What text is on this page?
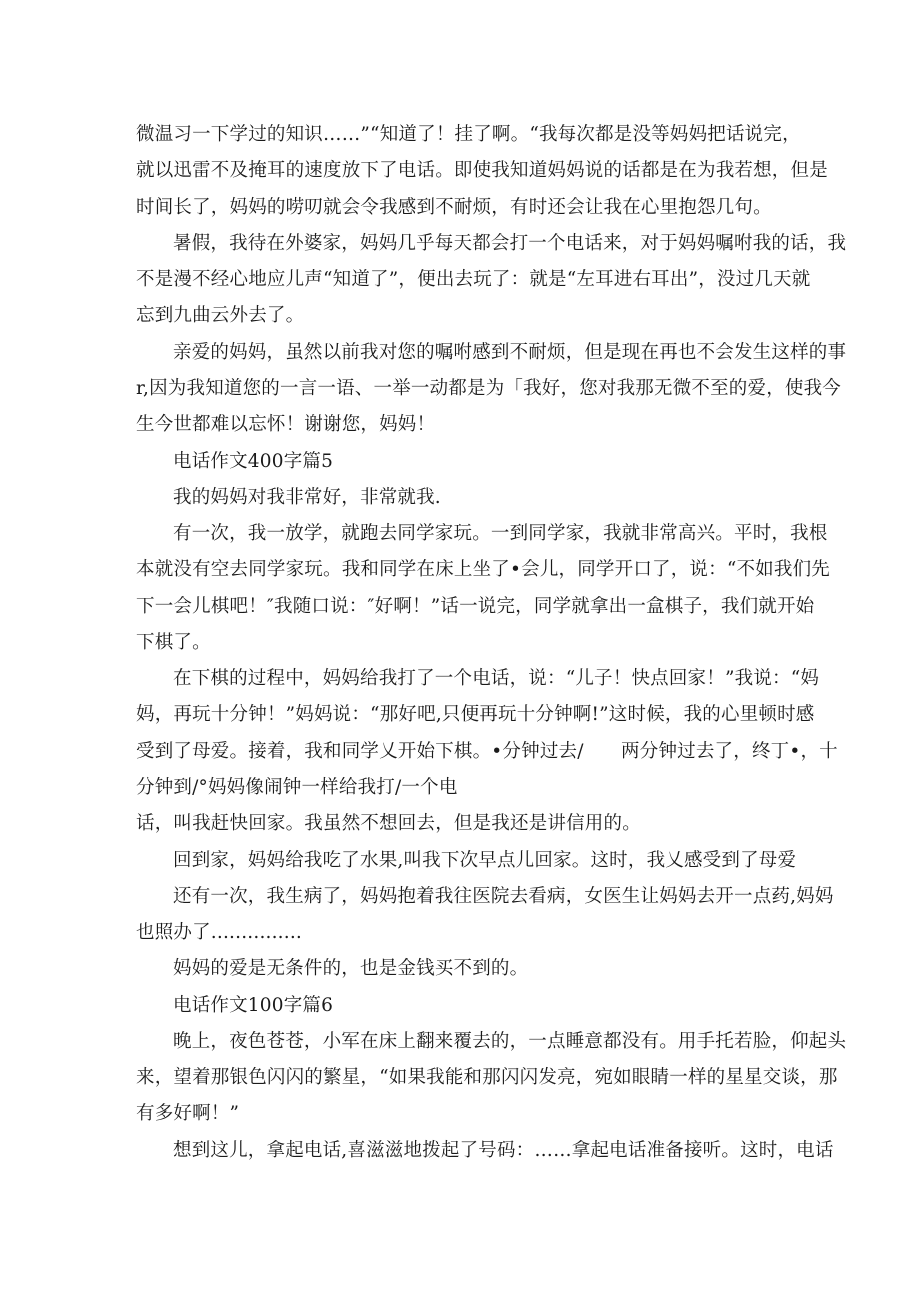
微温习一下学过的知识……”“知道了！挂了啊。“我每次都是没等妈妈把话说完，
就以迅雷不及掩耳的速度放下了电话。即使我知道妈妈说的话都是在为我若想，但是
时间长了，妈妈的唠叨就会令我感到不耐烦，有时还会让我在心里抱怨几句。
暑假，我待在外婆家，妈妈几乎每天都会打一个电话来，对于妈妈嘱咐我的话，我
不是漫不经心地应儿声“知道了”，便出去玩了：就是“左耳进右耳出”，没过几天就
忘到九曲云外去了。
亲爱的妈妈，虽然以前我对您的嘱咐感到不耐烦，但是现在再也不会发生这样的事
r,因为我知道您的一言一语、一举一动都是为「我好，您对我那无微不至的爱，使我今
生今世都难以忘怀！谢谢您，妈妈！
电话作文400字篇5
我的妈妈对我非常好，非常就我.
有一次，我一放学，就跑去同学家玩。一到同学家，我就非常高兴。平时，我根
本就没有空去同学家玩。我和同学在床上坐了•会儿，同学开口了，说：“不如我们先
下一会儿棋吧！″我随口说：″好啊！”话一说完，同学就拿出一盒棋子，我们就开始
下棋了。
在下棋的过程中，妈妈给我打了一个电话，说：“儿子！快点回家！”我说：“妈
妈，再玩十分钟！”妈妈说：“那好吧,只便再玩十分钟啊!”这时候，我的心里顿时感
受到了母爱。接着，我和同学乂开始下棋。•分钟过去/　　两分钟过去了，终丁•，十
分钟到/°妈妈像闹钟一样给我打/一个电
话，叫我赶快回家。我虽然不想回去，但是我还是讲信用的。
回到家，妈妈给我吃了水果,叫我下次早点儿回家。这时，我乂感受到了母爱
还有一次，我生病了，妈妈抱着我往医院去看病，女医生让妈妈去开一点药,妈妈
也照办了...............
妈妈的爱是无条件的，也是金钱买不到的。
电话作文100字篇6
晚上，夜色苍苍，小军在床上翻来覆去的，一点睡意都没有。用手托若脸，仰起头
来，望着那银色闪闪的繁星，“如果我能和那闪闪发亮，宛如眼睛一样的星星交谈，那
有多好啊！”
想到这儿，拿起电话,喜滋滋地拨起了号码：……拿起电话准备接听。这时，电话
